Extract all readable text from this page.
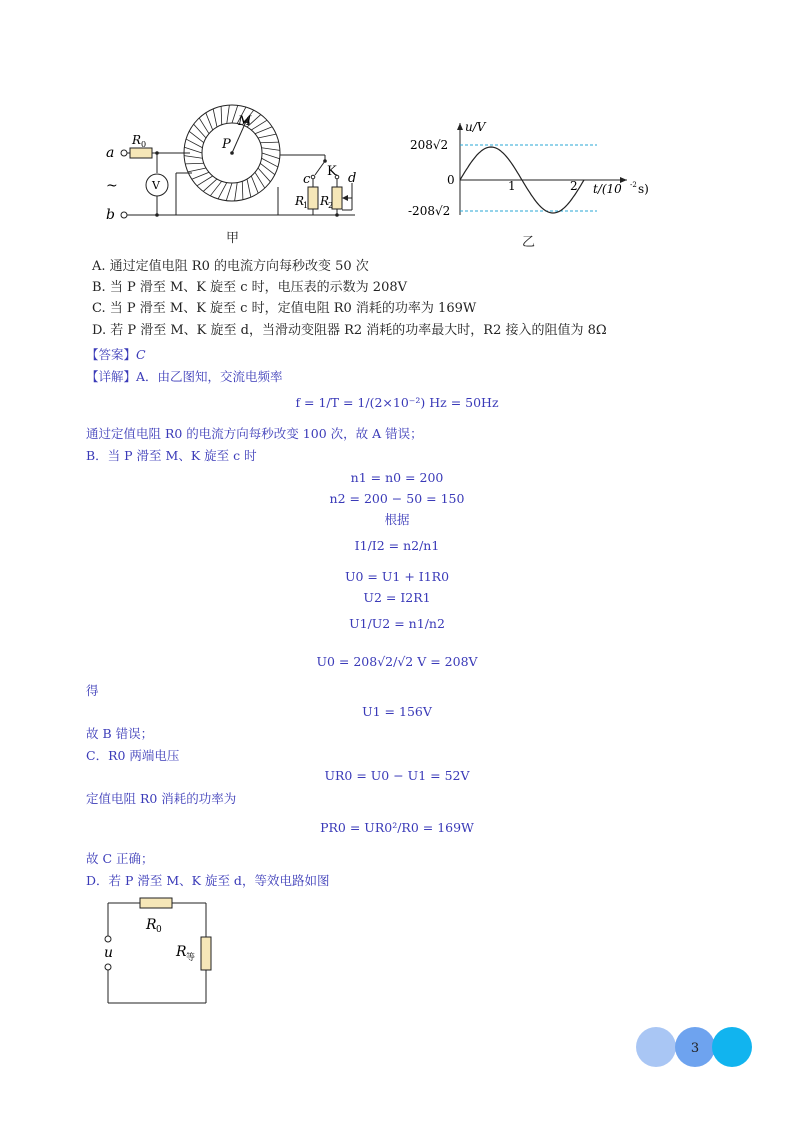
a
b
~
R 0
V
P
M
K
c	d
R
1 R
2
甲
u/V
208√2
-208√2
0	1	2 t/(10 -2 s)
乙
A. 通过定值电阻 R0 的电流方向每秒改变 50 次
B. 当 P 滑至 M、K 旋至 c 时，电压表的示数为 208V
C. 当 P 滑至 M、K 旋至 c 时，定值电阻 R0 消耗的功率为 169W
D. 若 P 滑至 M、K 旋至 d，当滑动变阻器 R2 消耗的功率最大时，R2 接入的阻值为 8Ω
【答案】C
【详解】A．由乙图知，交流电频率
f = 1/T = 1/(2×10⁻²) Hz = 50Hz
通过定值电阻 R0 的电流方向每秒改变 100 次，故 A 错误；
B．当 P 滑至 M、K 旋至 c 时
n1 = n0 = 200
n2 = 200 − 50 = 150
根据
I1/I2 = n2/n1
U0 = U1 + I1R0
U2 = I2R1
U1/U2 = n1/n2
U0 = 208√2/√2 V = 208V
得
U1 = 156V
故 B 错误；
C．R0 两端电压
UR0 = U0 − U1 = 52V
定值电阻 R0 消耗的功率为
PR0 = UR0²/R0 = 169W
故 C 正确；
D．若 P 滑至 M、K 旋至 d，等效电路如图
R 0
u	R 等
3
